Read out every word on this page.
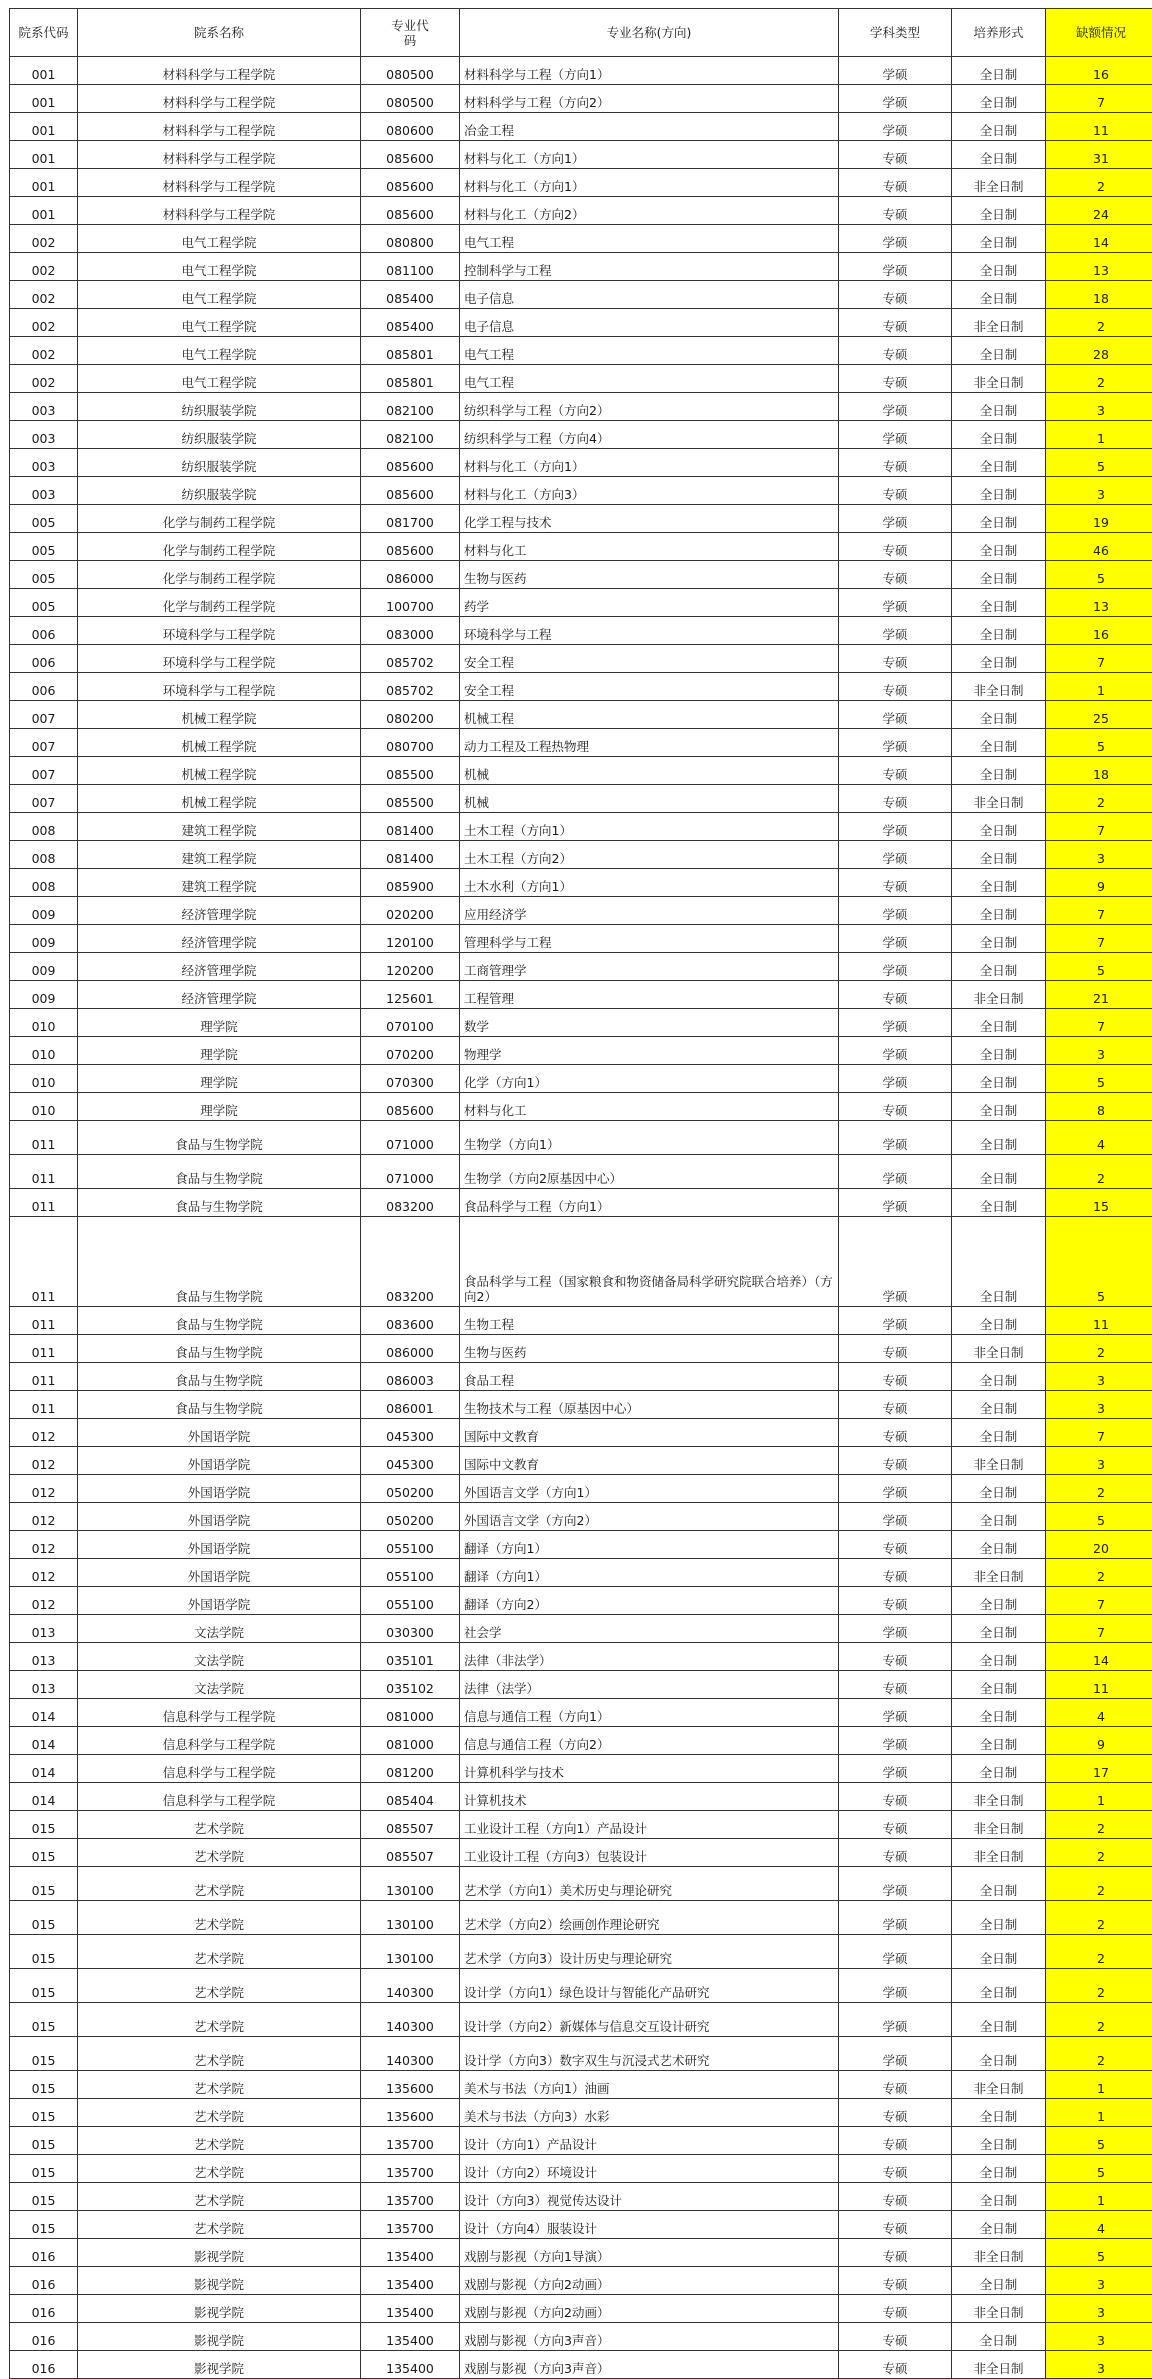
院系代码	院系名称	专业代码	专业名称(方向)	学科类型	培养形式	缺额情况
001	材料科学与工程学院	080500	材料科学与工程（方向1）	学硕	全日制	16
001	材料科学与工程学院	080500	材料科学与工程（方向2）	学硕	全日制	7
001	材料科学与工程学院	080600	冶金工程	学硕	全日制	11
001	材料科学与工程学院	085600	材料与化工（方向1）	专硕	全日制	31
001	材料科学与工程学院	085600	材料与化工（方向1）	专硕	非全日制	2
001	材料科学与工程学院	085600	材料与化工（方向2）	专硕	全日制	24
002	电气工程学院	080800	电气工程	学硕	全日制	14
002	电气工程学院	081100	控制科学与工程	学硕	全日制	13
002	电气工程学院	085400	电子信息	专硕	全日制	18
002	电气工程学院	085400	电子信息	专硕	非全日制	2
002	电气工程学院	085801	电气工程	专硕	全日制	28
002	电气工程学院	085801	电气工程	专硕	非全日制	2
003	纺织服装学院	082100	纺织科学与工程（方向2）	学硕	全日制	3
003	纺织服装学院	082100	纺织科学与工程（方向4）	学硕	全日制	1
003	纺织服装学院	085600	材料与化工（方向1）	专硕	全日制	5
003	纺织服装学院	085600	材料与化工（方向3）	专硕	全日制	3
005	化学与制药工程学院	081700	化学工程与技术	学硕	全日制	19
005	化学与制药工程学院	085600	材料与化工	专硕	全日制	46
005	化学与制药工程学院	086000	生物与医药	专硕	全日制	5
005	化学与制药工程学院	100700	药学	学硕	全日制	13
006	环境科学与工程学院	083000	环境科学与工程	学硕	全日制	16
006	环境科学与工程学院	085702	安全工程	专硕	全日制	7
006	环境科学与工程学院	085702	安全工程	专硕	非全日制	1
007	机械工程学院	080200	机械工程	学硕	全日制	25
007	机械工程学院	080700	动力工程及工程热物理	学硕	全日制	5
007	机械工程学院	085500	机械	专硕	全日制	18
007	机械工程学院	085500	机械	专硕	非全日制	2
008	建筑工程学院	081400	土木工程（方向1）	学硕	全日制	7
008	建筑工程学院	081400	土木工程（方向2）	学硕	全日制	3
008	建筑工程学院	085900	土木水利（方向1）	专硕	全日制	9
009	经济管理学院	020200	应用经济学	学硕	全日制	7
009	经济管理学院	120100	管理科学与工程	学硕	全日制	7
009	经济管理学院	120200	工商管理学	学硕	全日制	5
009	经济管理学院	125601	工程管理	专硕	非全日制	21
010	理学院	070100	数学	学硕	全日制	7
010	理学院	070200	物理学	学硕	全日制	3
010	理学院	070300	化学（方向1）	学硕	全日制	5
010	理学院	085600	材料与化工	专硕	全日制	8
011	食品与生物学院	071000	生物学（方向1）	学硕	全日制	4
011	食品与生物学院	071000	生物学（方向2原基因中心）	学硕	全日制	2
011	食品与生物学院	083200	食品科学与工程（方向1）	学硕	全日制	15
011	食品与生物学院	083200	食品科学与工程（国家粮食和物资储备局科学研究院联合培养）（方向2）	学硕	全日制	5
011	食品与生物学院	083600	生物工程	学硕	全日制	11
011	食品与生物学院	086000	生物与医药	专硕	非全日制	2
011	食品与生物学院	086003	食品工程	专硕	全日制	3
011	食品与生物学院	086001	生物技术与工程（原基因中心）	专硕	全日制	3
012	外国语学院	045300	国际中文教育	专硕	全日制	7
012	外国语学院	045300	国际中文教育	专硕	非全日制	3
012	外国语学院	050200	外国语言文学（方向1）	学硕	全日制	2
012	外国语学院	050200	外国语言文学（方向2）	学硕	全日制	5
012	外国语学院	055100	翻译（方向1）	专硕	全日制	20
012	外国语学院	055100	翻译（方向1）	专硕	非全日制	2
012	外国语学院	055100	翻译（方向2）	专硕	全日制	7
013	文法学院	030300	社会学	学硕	全日制	7
013	文法学院	035101	法律（非法学）	专硕	全日制	14
013	文法学院	035102	法律（法学）	专硕	全日制	11
014	信息科学与工程学院	081000	信息与通信工程（方向1）	学硕	全日制	4
014	信息科学与工程学院	081000	信息与通信工程（方向2）	学硕	全日制	9
014	信息科学与工程学院	081200	计算机科学与技术	学硕	全日制	17
014	信息科学与工程学院	085404	计算机技术	专硕	非全日制	1
015	艺术学院	085507	工业设计工程（方向1）产品设计	专硕	非全日制	2
015	艺术学院	085507	工业设计工程（方向3）包装设计	专硕	非全日制	2
015	艺术学院	130100	艺术学（方向1）美术历史与理论研究	学硕	全日制	2
015	艺术学院	130100	艺术学（方向2）绘画创作理论研究	学硕	全日制	2
015	艺术学院	130100	艺术学（方向3）设计历史与理论研究	学硕	全日制	2
015	艺术学院	140300	设计学（方向1）绿色设计与智能化产品研究	学硕	全日制	2
015	艺术学院	140300	设计学（方向2）新媒体与信息交互设计研究	学硕	全日制	2
015	艺术学院	140300	设计学（方向3）数字双生与沉浸式艺术研究	学硕	全日制	2
015	艺术学院	135600	美术与书法（方向1）油画	专硕	非全日制	1
015	艺术学院	135600	美术与书法（方向3）水彩	专硕	全日制	1
015	艺术学院	135700	设计（方向1）产品设计	专硕	全日制	5
015	艺术学院	135700	设计（方向2）环境设计	专硕	全日制	5
015	艺术学院	135700	设计（方向3）视觉传达设计	专硕	全日制	1
015	艺术学院	135700	设计（方向4）服装设计	专硕	全日制	4
016	影视学院	135400	戏剧与影视（方向1导演）	专硕	非全日制	5
016	影视学院	135400	戏剧与影视（方向2动画）	专硕	全日制	3
016	影视学院	135400	戏剧与影视（方向2动画）	专硕	非全日制	3
016	影视学院	135400	戏剧与影视（方向3声音）	专硕	全日制	3
016	影视学院	135400	戏剧与影视（方向3声音）	专硕	非全日制	3
